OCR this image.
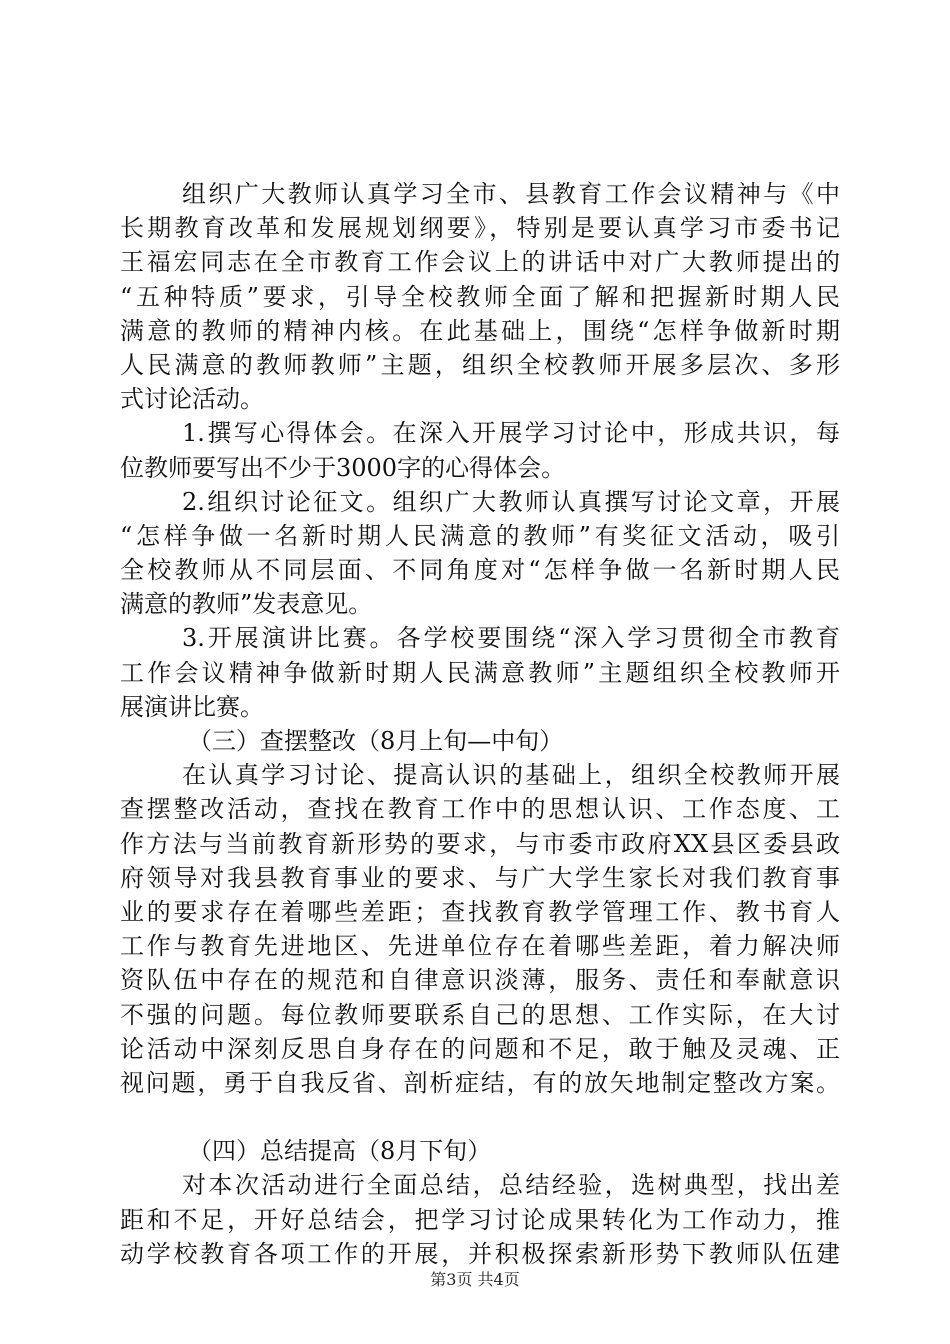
组织广大教师认真学习全市、县教育工作会议精神与《中
长期教育改革和发展规划纲要》，特别是要认真学习市委书记
王福宏同志在全市教育工作会议上的讲话中对广大教师提出的
“五种特质”要求，引导全校教师全面了解和把握新时期人民
满意的教师的精神内核。在此基础上，围绕“怎样争做新时期
人民满意的教师教师”主题，组织全校教师开展多层次、多形
式讨论活动。
1.撰写心得体会。在深入开展学习讨论中，形成共识，每
位教师要写出不少于3000字的心得体会。
2.组织讨论征文。组织广大教师认真撰写讨论文章，开展
“怎样争做一名新时期人民满意的教师”有奖征文活动，吸引
全校教师从不同层面、不同角度对“怎样争做一名新时期人民
满意的教师”发表意见。
3.开展演讲比赛。各学校要围绕“深入学习贯彻全市教育
工作会议精神争做新时期人民满意教师”主题组织全校教师开
展演讲比赛。
（三）查摆整改（8月上旬—中旬）
在认真学习讨论、提高认识的基础上，组织全校教师开展
查摆整改活动，查找在教育工作中的思想认识、工作态度、工
作方法与当前教育新形势的要求，与市委市政府XX县区委县政
府领导对我县教育事业的要求、与广大学生家长对我们教育事
业的要求存在着哪些差距；查找教育教学管理工作、教书育人
工作与教育先进地区、先进单位存在着哪些差距，着力解决师
资队伍中存在的规范和自律意识淡薄，服务、责任和奉献意识
不强的问题。每位教师要联系自己的思想、工作实际，在大讨
论活动中深刻反思自身存在的问题和不足，敢于触及灵魂、正
视问题，勇于自我反省、剖析症结，有的放矢地制定整改方案。
（四）总结提高（8月下旬）
对本次活动进行全面总结，总结经验，选树典型，找出差
距和不足，开好总结会，把学习讨论成果转化为工作动力，推
动学校教育各项工作的开展，并积极探索新形势下教师队伍建
第3页 共4页
